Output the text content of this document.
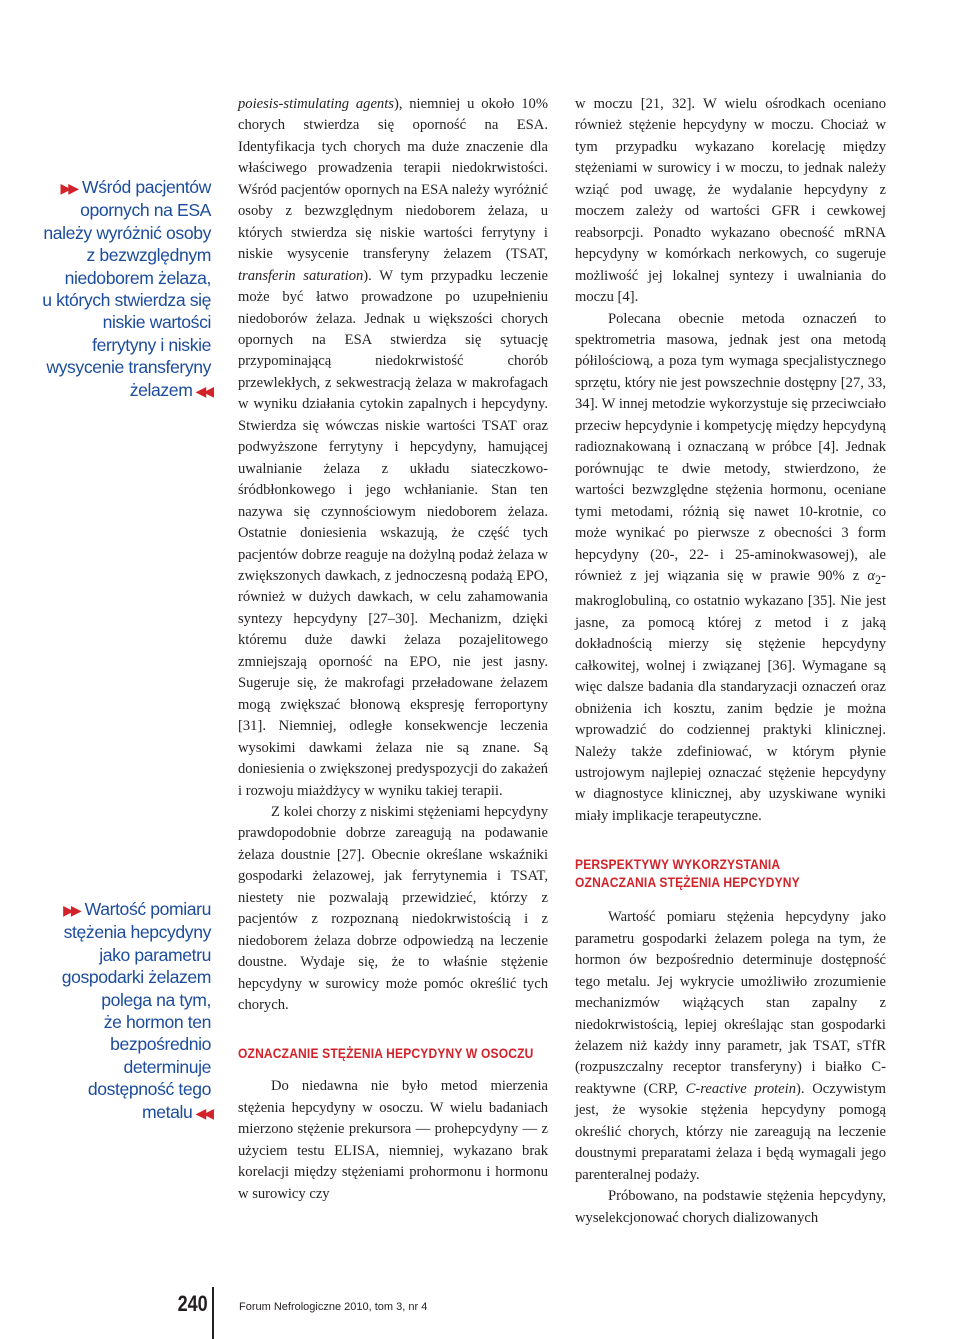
▶▶ Wśród pacjentów
opornych na ESA
należy wyróżnić osoby
z bezwzględnym
niedoborem żelaza,
u których stwierdza się
niskie wartości
ferrytyny i niskie
wysycenie transferyny
żelazem ◀◀
▶▶ Wartość pomiaru
stężenia hepcydyny
jako parametru
gospodarki żelazem
polega na tym,
że hormon ten
bezpośrednio
determinuje
dostępność tego
metalu ◀◀

poiesis-stimulating agents), niemniej u około 10% chorych stwierdza się oporność na ESA. Identyfikacja tych chorych ma duże znaczenie dla właściwego prowadzenia terapii niedokrwistości. Wśród pacjentów opornych na ESA należy wyróżnić osoby z bezwzględnym niedoborem żelaza, u których stwierdza się niskie wartości ferrytyny i niskie wysycenie transferyny żelazem (TSAT, transferin saturation). W tym przypadku leczenie może być łatwo prowadzone po uzupełnieniu niedoborów żelaza. Jednak u większości chorych opornych na ESA stwierdza się sytuację przypominającą niedokrwistość chorób przewlekłych, z sekwestracją żelaza w makrofagach w wyniku działania cytokin zapalnych i hepcydyny. Stwierdza się wówczas niskie wartości TSAT oraz podwyższone ferrytyny i hepcydyny, hamującej uwalnianie żelaza z układu siateczkowo-śródbłonkowego i jego wchłanianie. Stan ten nazywa się czynnościowym niedoborem żelaza. Ostatnie doniesienia wskazują, że część tych pacjentów dobrze reaguje na dożylną podaż żelaza w zwiększonych dawkach, z jednoczesną podażą EPO, również w dużych dawkach, w celu zahamowania syntezy hepcydyny [27–30]. Mechanizm, dzięki któremu duże dawki żelaza pozajelitowego zmniejszają oporność na EPO, nie jest jasny. Sugeruje się, że makrofagi przeładowane żelazem mogą zwiększać błonową ekspresję ferroportyny [31]. Niemniej, odległe konsekwencje leczenia wysokimi dawkami żelaza nie są znane. Są doniesienia o zwiększonej predyspozycji do zakażeń i rozwoju miażdżycy w wyniku takiej terapii.

Z kolei chorzy z niskimi stężeniami hepcydyny prawdopodobnie dobrze zareagują na podawanie żelaza doustnie [27]. Obecnie określane wskaźniki gospodarki żelazowej, jak ferrytynemia i TSAT, niestety nie pozwalają przewidzieć, którzy z pacjentów z rozpoznaną niedokrwistością i z niedoborem żelaza dobrze odpowiedzą na leczenie doustne. Wydaje się, że to właśnie stężenie hepcydyny w surowicy może pomóc określić tych chorych.

OZNACZANIE STĘŻENIA HEPCYDYNY W OSOCZU

Do niedawna nie było metod mierzenia stężenia hepcydyny w osoczu. W wielu badaniach mierzono stężenie prekursora — prohepcydyny — z użyciem testu ELISA, niemniej, wykazano brak korelacji między stężeniami prohormonu i hormonu w surowicy czy

w moczu [21, 32]. W wielu ośrodkach oceniano również stężenie hepcydyny w moczu. Chociaż w tym przypadku wykazano korelację między stężeniami w surowicy i w moczu, to jednak należy wziąć pod uwagę, że wydalanie hepcydyny z moczem zależy od wartości GFR i cewkowej reabsorpcji. Ponadto wykazano obecność mRNA hepcydyny w komórkach nerkowych, co sugeruje możliwość jej lokalnej syntezy i uwalniania do moczu [4].

Polecana obecnie metoda oznaczeń to spektrometria masowa, jednak jest ona metodą półilościową, a poza tym wymaga specjalistycznego sprzętu, który nie jest powszechnie dostępny [27, 33, 34]. W innej metodzie wykorzystuje się przeciwciało przeciw hepcydynie i kompetycję między hepcydyną radioznakowaną i oznaczaną w próbce [4]. Jednak porównując te dwie metody, stwierdzono, że wartości bezwzględne stężenia hormonu, oceniane tymi metodami, różnią się nawet 10-krotnie, co może wynikać po pierwsze z obecności 3 form hepcydyny (20-, 22- i 25-aminokwasowej), ale również z jej wiązania się w prawie 90% z $\alpha_2$-makroglobuliną, co ostatnio wykazano [35]. Nie jest jasne, za pomocą której z metod i z jaką dokładnością mierzy się stężenie hepcydyny całkowitej, wolnej i związanej [36]. Wymagane są więc dalsze badania dla standaryzacji oznaczeń oraz obniżenia ich kosztu, zanim będzie je można wprowadzić do codziennej praktyki klinicznej. Należy także zdefiniować, w którym płynie ustrojowym najlepiej oznaczać stężenie hepcydyny w diagnostyce klinicznej, aby uzyskiwane wyniki miały implikacje terapeutyczne.

PERSPEKTYWY WYKORZYSTANIA
OZNACZANIA STĘŻENIA HEPCYDYNY

Wartość pomiaru stężenia hepcydyny jako parametru gospodarki żelazem polega na tym, że hormon ów bezpośrednio determinuje dostępność tego metalu. Jej wykrycie umożliwiło zrozumienie mechanizmów wiążących stan zapalny z niedokrwistością, lepiej określając stan gospodarki żelazem niż każdy inny parametr, jak TSAT, sTfR (rozpuszczalny receptor transferyny) i białko C-reaktywne (CRP, C-reactive protein). Oczywistym jest, że wysokie stężenia hepcydyny pomogą określić chorych, którzy nie zareagują na leczenie doustnymi preparatami żelaza i będą wymagali jego parenteralnej podaży.

Próbowano, na podstawie stężenia hepcydyny, wyselekcjonować chorych dializowanych

240	Forum Nefrologiczne 2010, tom 3, nr 4
